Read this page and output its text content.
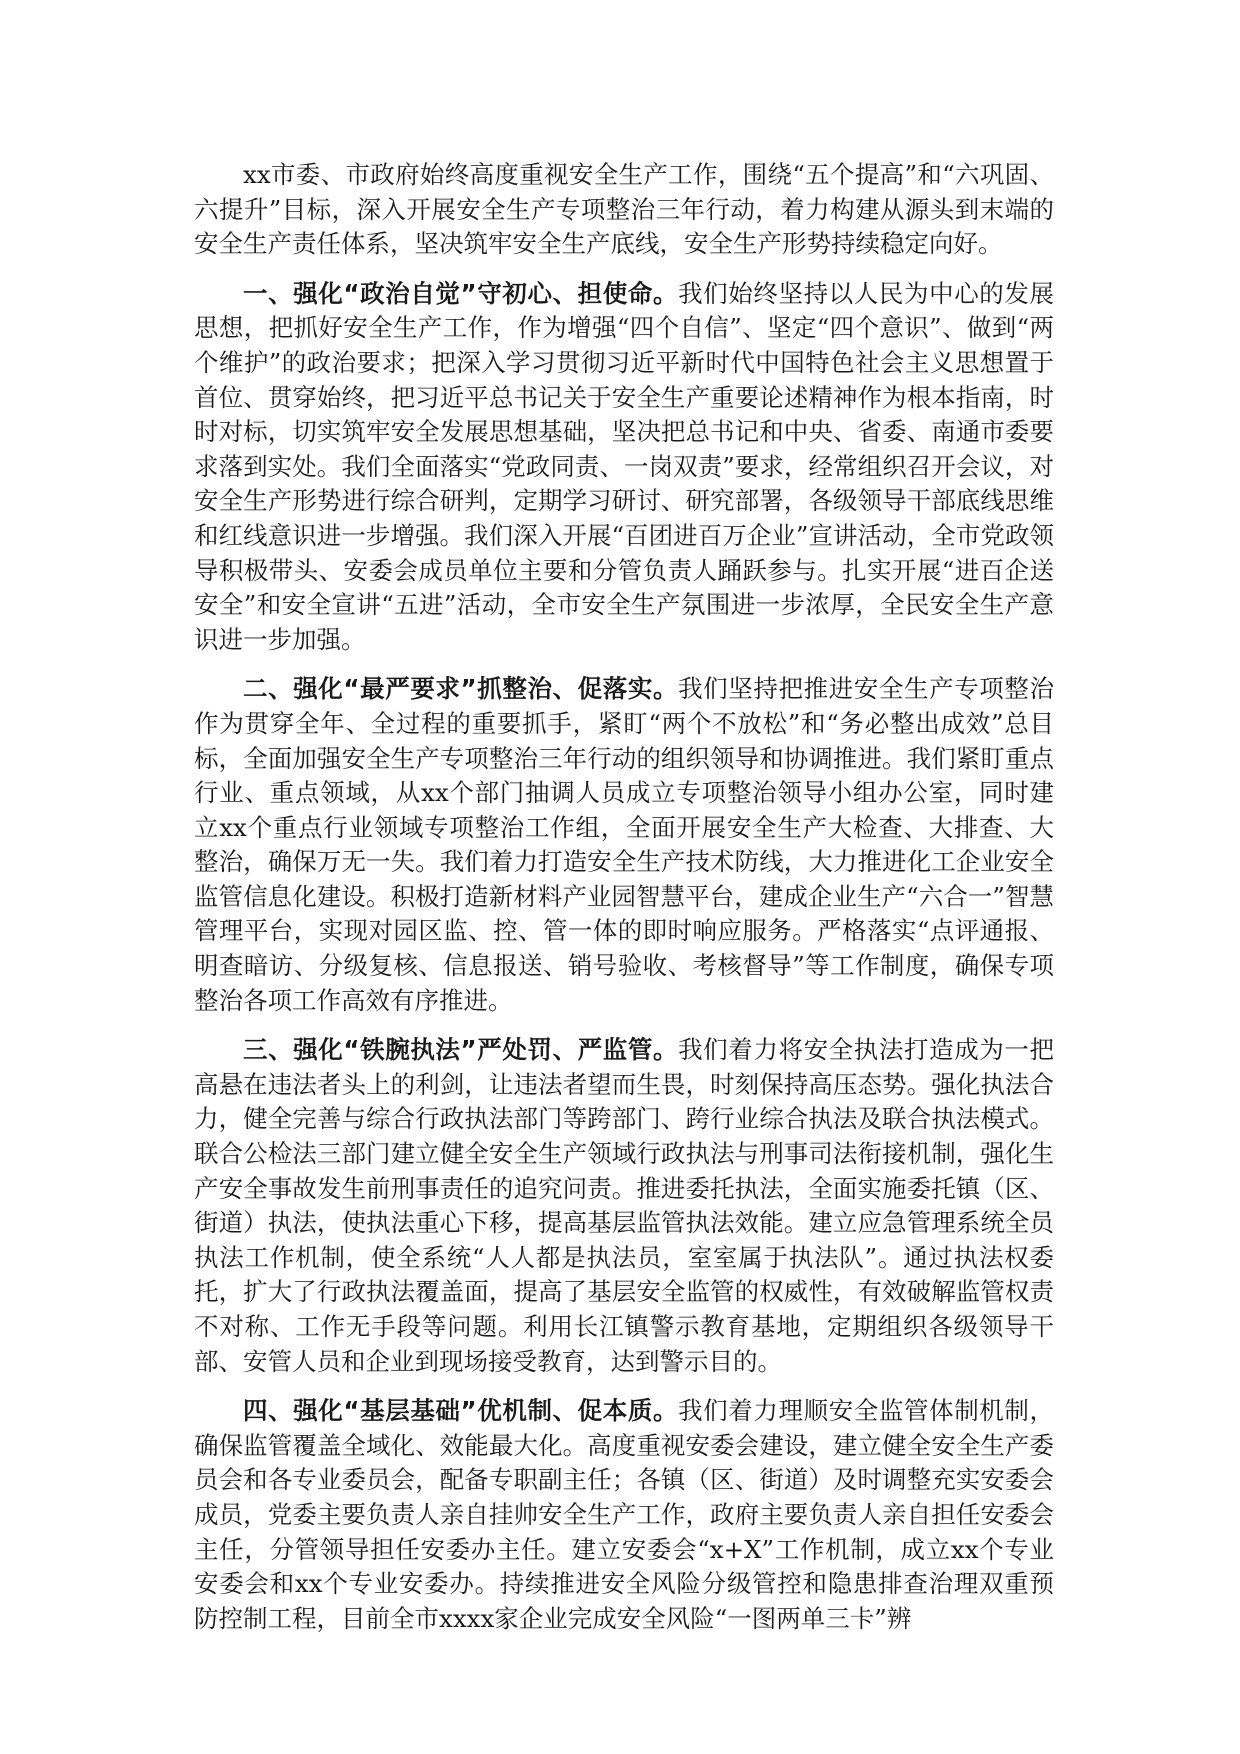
xx市委、市政府始终高度重视安全生产工作，围绕“五个提高”和“六巩固、六提升”目标，深入开展安全生产专项整治三年行动，着力构建从源头到末端的安全生产责任体系，坚决筑牢安全生产底线，安全生产形势持续稳定向好。

一、强化“政治自觉”守初心、担使命。我们始终坚持以人民为中心的发展思想，把抓好安全生产工作，作为增强“四个自信”、坚定“四个意识”、做到“两个维护”的政治要求；把深入学习贯彻习近平新时代中国特色社会主义思想置于首位、贯穿始终，把习近平总书记关于安全生产重要论述精神作为根本指南，时时对标，切实筑牢安全发展思想基础，坚决把总书记和中央、省委、南通市委要求落到实处。我们全面落实“党政同责、一岗双责”要求，经常组织召开会议，对安全生产形势进行综合研判，定期学习研讨、研究部署，各级领导干部底线思维和红线意识进一步增强。我们深入开展“百团进百万企业”宣讲活动，全市党政领导积极带头、安委会成员单位主要和分管负责人踊跃参与。扎实开展“进百企送安全”和安全宣讲“五进”活动，全市安全生产氛围进一步浓厚，全民安全生产意识进一步加强。

二、强化“最严要求”抓整治、促落实。我们坚持把推进安全生产专项整治作为贯穿全年、全过程的重要抓手，紧盯“两个不放松”和“务必整出成效”总目标，全面加强安全生产专项整治三年行动的组织领导和协调推进。我们紧盯重点行业、重点领域，从xx个部门抽调人员成立专项整治领导小组办公室，同时建立xx个重点行业领域专项整治工作组，全面开展安全生产大检查、大排查、大整治，确保万无一失。我们着力打造安全生产技术防线，大力推进化工企业安全监管信息化建设。积极打造新材料产业园智慧平台，建成企业生产“六合一”智慧管理平台，实现对园区监、控、管一体的即时响应服务。严格落实“点评通报、明查暗访、分级复核、信息报送、销号验收、考核督导”等工作制度，确保专项整治各项工作高效有序推进。

三、强化“铁腕执法”严处罚、严监管。我们着力将安全执法打造成为一把高悬在违法者头上的利剑，让违法者望而生畏，时刻保持高压态势。强化执法合力，健全完善与综合行政执法部门等跨部门、跨行业综合执法及联合执法模式。联合公检法三部门建立健全安全生产领域行政执法与刑事司法衔接机制，强化生产安全事故发生前刑事责任的追究问责。推进委托执法，全面实施委托镇（区、街道）执法，使执法重心下移，提高基层监管执法效能。建立应急管理系统全员执法工作机制，使全系统“人人都是执法员，室室属于执法队”。通过执法权委托，扩大了行政执法覆盖面，提高了基层安全监管的权威性，有效破解监管权责不对称、工作无手段等问题。利用长江镇警示教育基地，定期组织各级领导干部、安管人员和企业到现场接受教育，达到警示目的。

四、强化“基层基础”优机制、促本质。我们着力理顺安全监管体制机制，确保监管覆盖全域化、效能最大化。高度重视安委会建设，建立健全安全生产委员会和各专业委员会，配备专职副主任；各镇（区、街道）及时调整充实安委会成员，党委主要负责人亲自挂帅安全生产工作，政府主要负责人亲自担任安委会主任，分管领导担任安委办主任。建立安委会“x+X”工作机制，成立xx个专业安委会和xx个专业安委办。持续推进安全风险分级管控和隐患排查治理双重预防控制工程，目前全市xxxx家企业完成安全风险“一图两单三卡”辨
